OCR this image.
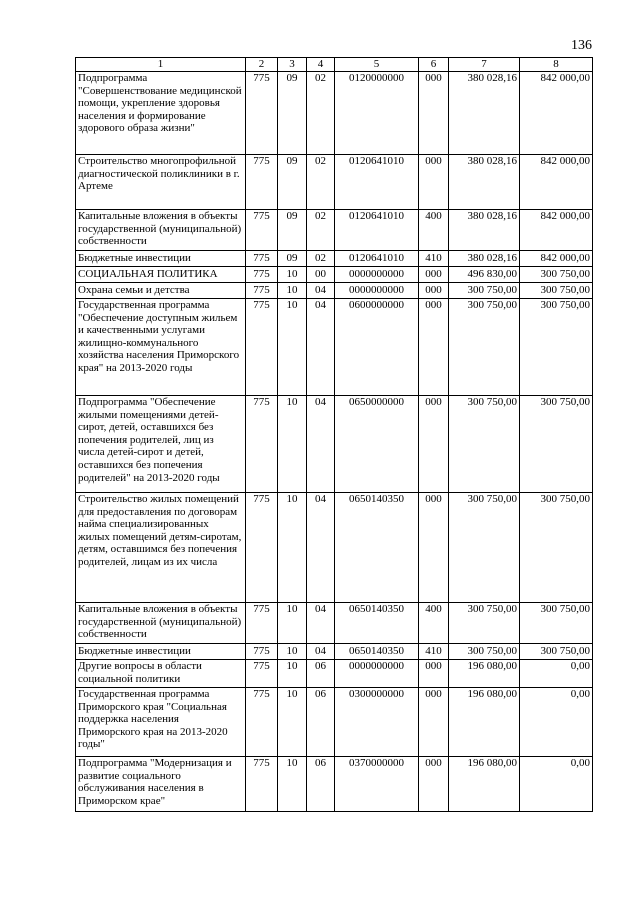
136
1	2	3	4	5	6	7	8
Подпрограмма "Совершенствование медицинской помощи, укрепление здоровья населения и формирование здорового образа жизни"	775	09	02	0120000000	000	380 028,16	842 000,00
Строительство многопрофильной диагностической поликлиники в г. Артеме	775	09	02	0120641010	000	380 028,16	842 000,00
Капитальные вложения в объекты государственной (муниципальной) собственности	775	09	02	0120641010	400	380 028,16	842 000,00
Бюджетные инвестиции	775	09	02	0120641010	410	380 028,16	842 000,00
СОЦИАЛЬНАЯ ПОЛИТИКА	775	10	00	0000000000	000	496 830,00	300 750,00
Охрана семьи и детства	775	10	04	0000000000	000	300 750,00	300 750,00
Государственная программа "Обеспечение доступным жильем и качественными услугами жилищно-коммунального хозяйства населения Приморского края" на 2013-2020 годы	775	10	04	0600000000	000	300 750,00	300 750,00
Подпрограмма "Обеспечение жилыми помещениями детей-сирот, детей, оставшихся без попечения родителей, лиц из числа детей-сирот и детей, оставшихся без попечения родителей" на 2013-2020 годы	775	10	04	0650000000	000	300 750,00	300 750,00
Строительство жилых помещений для предоставления по договорам найма специализированных жилых помещений детям-сиротам, детям, оставшимся без попечения родителей, лицам из их числа	775	10	04	0650140350	000	300 750,00	300 750,00
Капитальные вложения в объекты государственной (муниципальной) собственности	775	10	04	0650140350	400	300 750,00	300 750,00
Бюджетные инвестиции	775	10	04	0650140350	410	300 750,00	300 750,00
Другие вопросы в области социальной политики	775	10	06	0000000000	000	196 080,00	0,00
Государственная программа Приморского края "Социальная поддержка населения Приморского края на 2013-2020 годы"	775	10	06	0300000000	000	196 080,00	0,00
Подпрограмма "Модернизация и развитие социального обслуживания населения в Приморском крае"	775	10	06	0370000000	000	196 080,00	0,00
